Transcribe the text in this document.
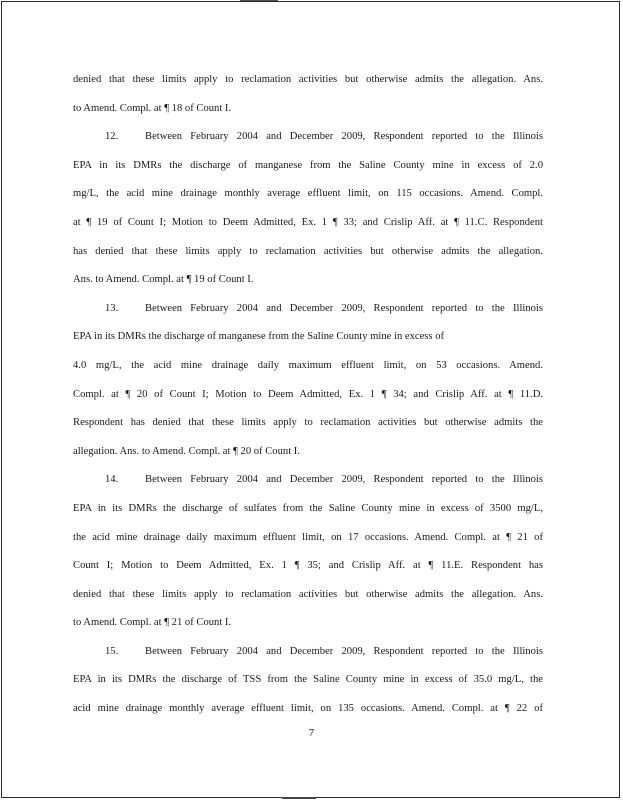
denied that these limits apply to reclamation activities but otherwise admits the allegation. Ans.
to Amend. Compl. at ¶ 18 of Count I.
12.	Between February 2004 and December 2009, Respondent reported to the Illinois
EPA in its DMRs the discharge of manganese from the Saline County mine in excess of 2.0
mg/L, the acid mine drainage monthly average effluent limit, on 115 occasions. Amend. Compl.
at ¶ 19 of Count I; Motion to Deem Admitted, Ex. 1 ¶ 33; and Crislip Aff. at ¶ 11.C. Respondent
has denied that these limits apply to reclamation activities but otherwise admits the allegation.
Ans. to Amend. Compl. at ¶ 19 of Count I.
13.	Between February 2004 and December 2009, Respondent reported to the Illinois
EPA in its DMRs the discharge of manganese from the Saline County mine in excess of
4.0 mg/L, the acid mine drainage daily maximum effluent limit, on 53 occasions. Amend.
Compl. at ¶ 20 of Count I; Motion to Deem Admitted, Ex. 1 ¶ 34; and Crislip Aff. at ¶ 11.D.
Respondent has denied that these limits apply to reclamation activities but otherwise admits the
allegation. Ans. to Amend. Compl. at ¶ 20 of Count I.
14.	Between February 2004 and December 2009, Respondent reported to the Illinois
EPA in its DMRs the discharge of sulfates from the Saline County mine in excess of 3500 mg/L,
the acid mine drainage daily maximum effluent limit, on 17 occasions. Amend. Compl. at ¶ 21 of
Count I; Motion to Deem Admitted, Ex. 1 ¶ 35; and Crislip Aff. at ¶ 11.E. Respondent has
denied that these limits apply to reclamation activities but otherwise admits the allegation. Ans.
to Amend. Compl. at ¶ 21 of Count I.
15.	Between February 2004 and December 2009, Respondent reported to the Illinois
EPA in its DMRs the discharge of TSS from the Saline County mine in excess of 35.0 mg/L, the
acid mine drainage monthly average effluent limit, on 135 occasions. Amend. Compl. at ¶ 22 of
7
